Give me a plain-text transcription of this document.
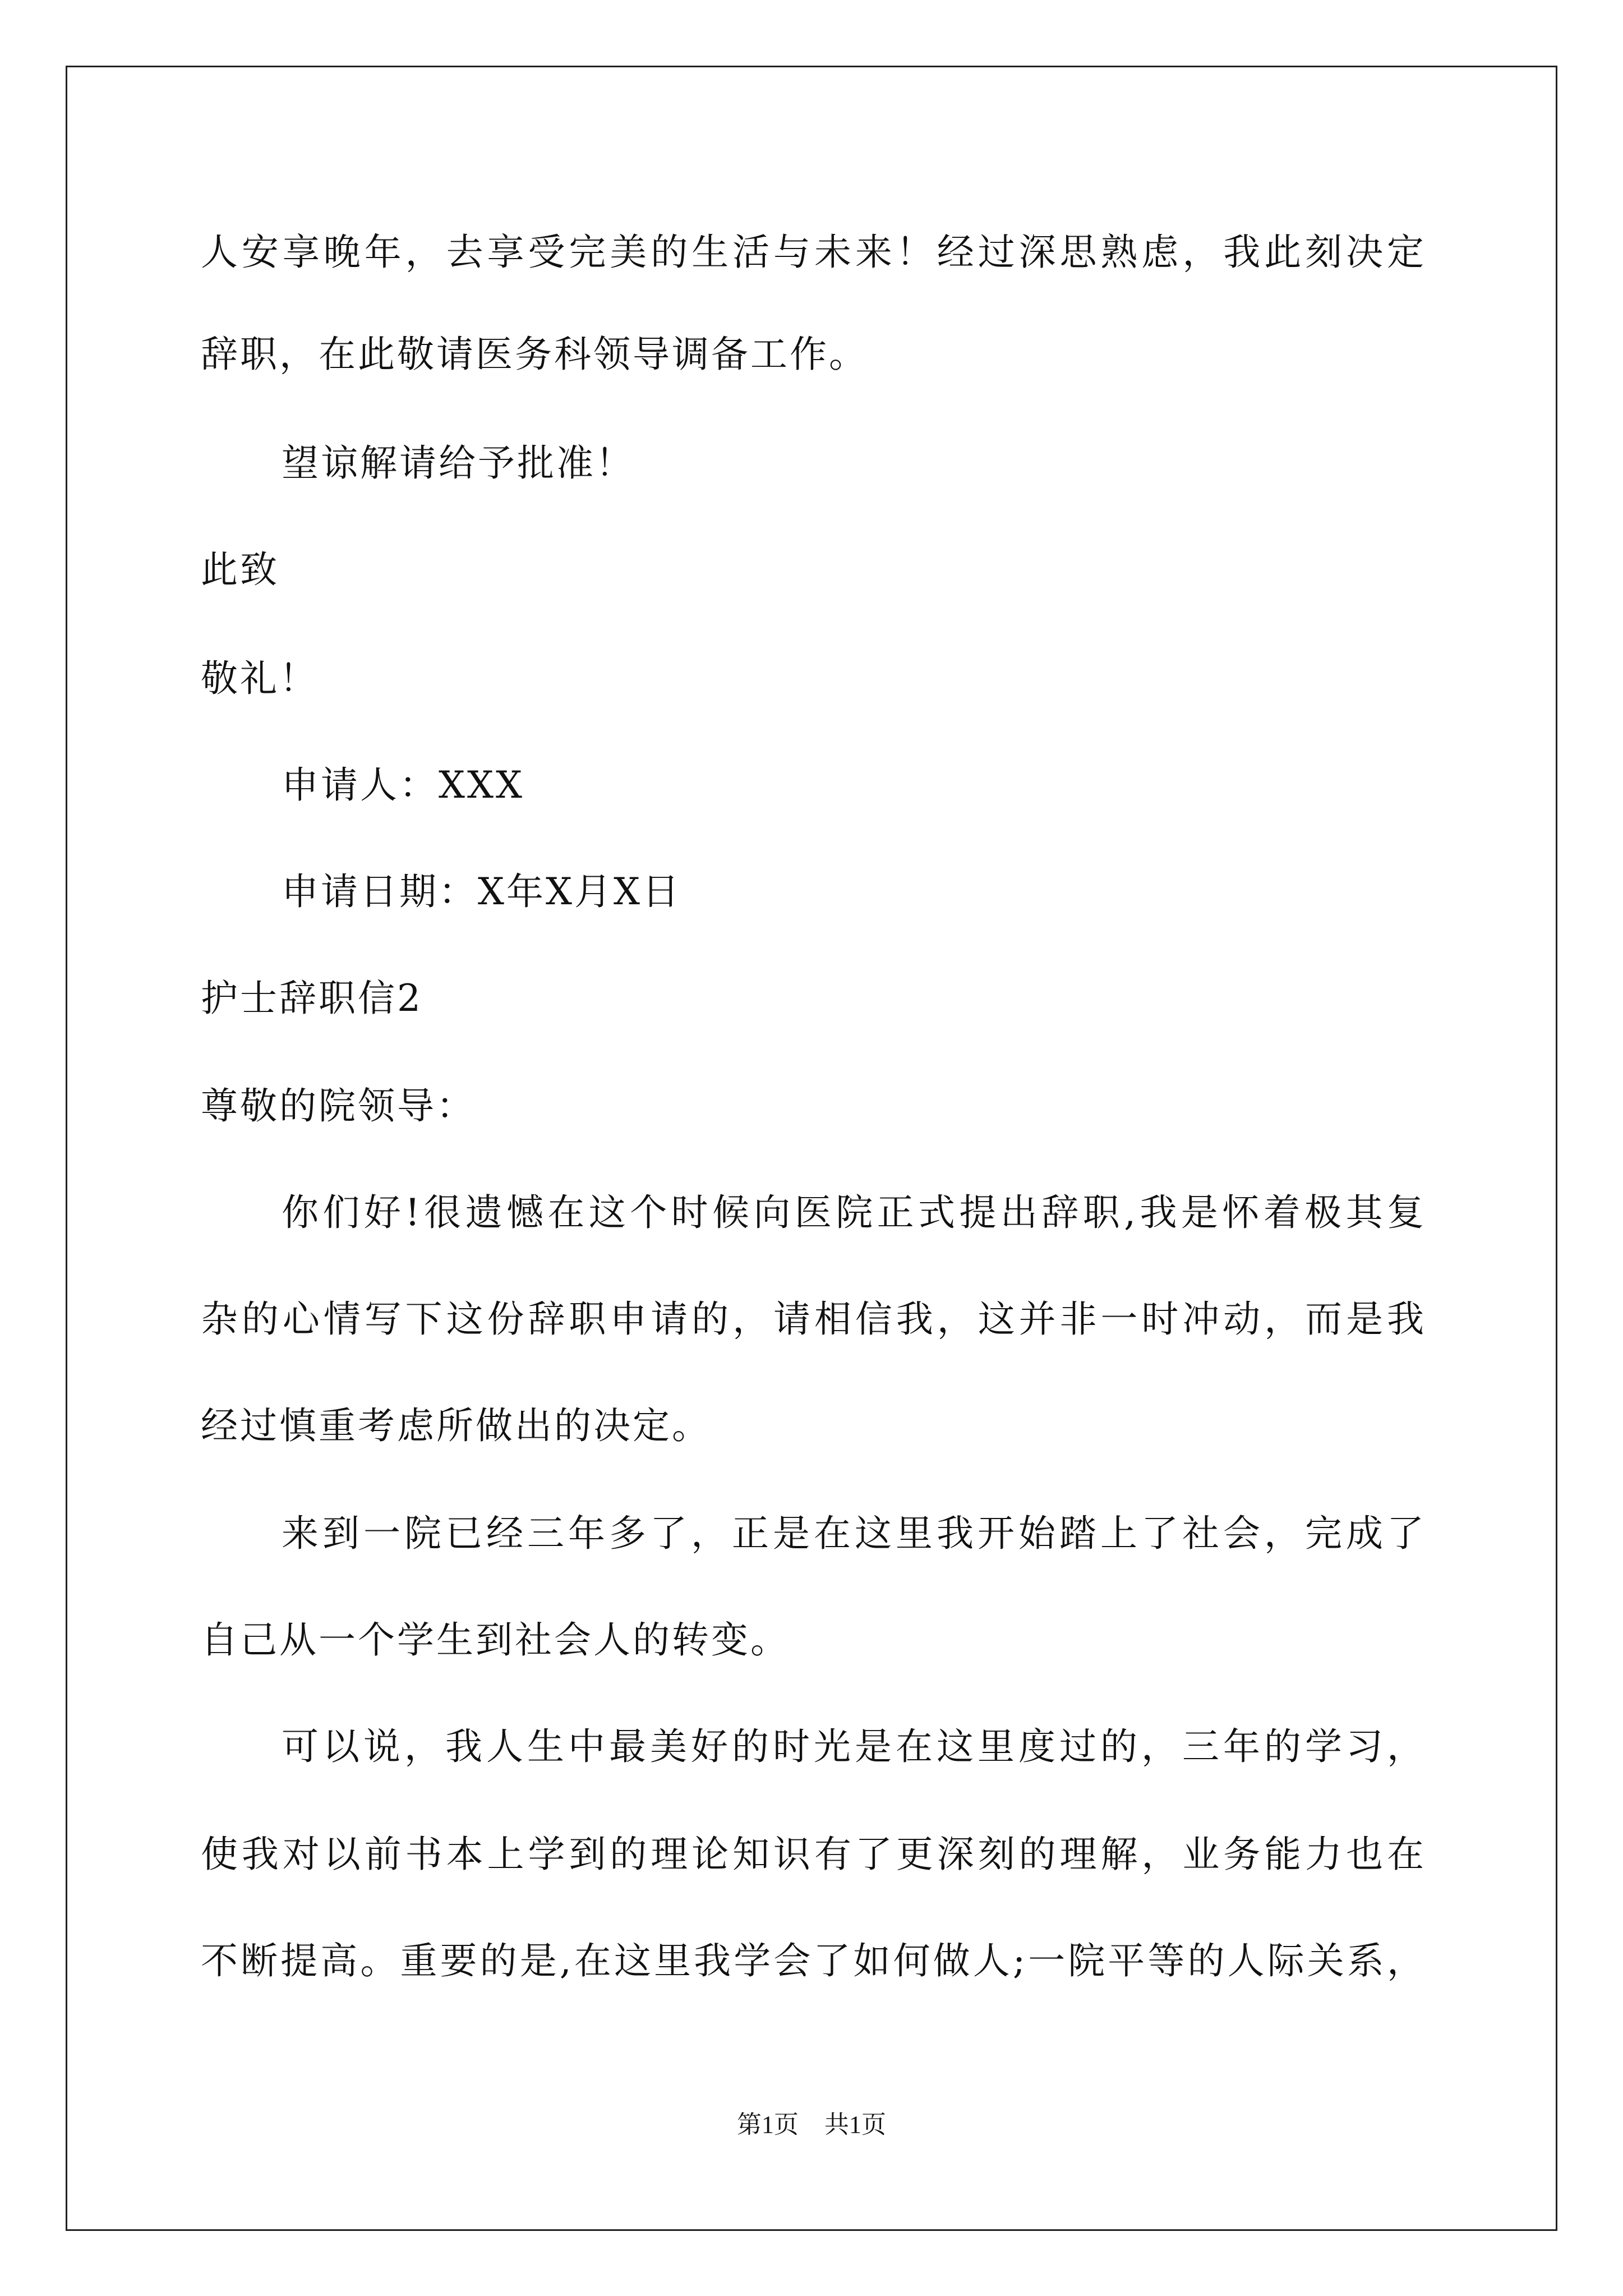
人安享晚年，去享受完美的生活与未来！经过深思熟虑，我此刻决定
辞职，在此敬请医务科领导调备工作。
望谅解请给予批准！
此致
敬礼！
申请人：XXX
申请日期：X年X月X日
护士辞职信2
尊敬的院领导：
你们好!很遗憾在这个时候向医院正式提出辞职,我是怀着极其复
杂的心情写下这份辞职申请的，请相信我，这并非一时冲动，而是我
经过慎重考虑所做出的决定。
来到一院已经三年多了，正是在这里我开始踏上了社会，完成了
自己从一个学生到社会人的转变。
可以说，我人生中最美好的时光是在这里度过的，三年的学习，
使我对以前书本上学到的理论知识有了更深刻的理解，业务能力也在
不断提高。重要的是,在这里我学会了如何做人;一院平等的人际关系，
第1页 共1页
